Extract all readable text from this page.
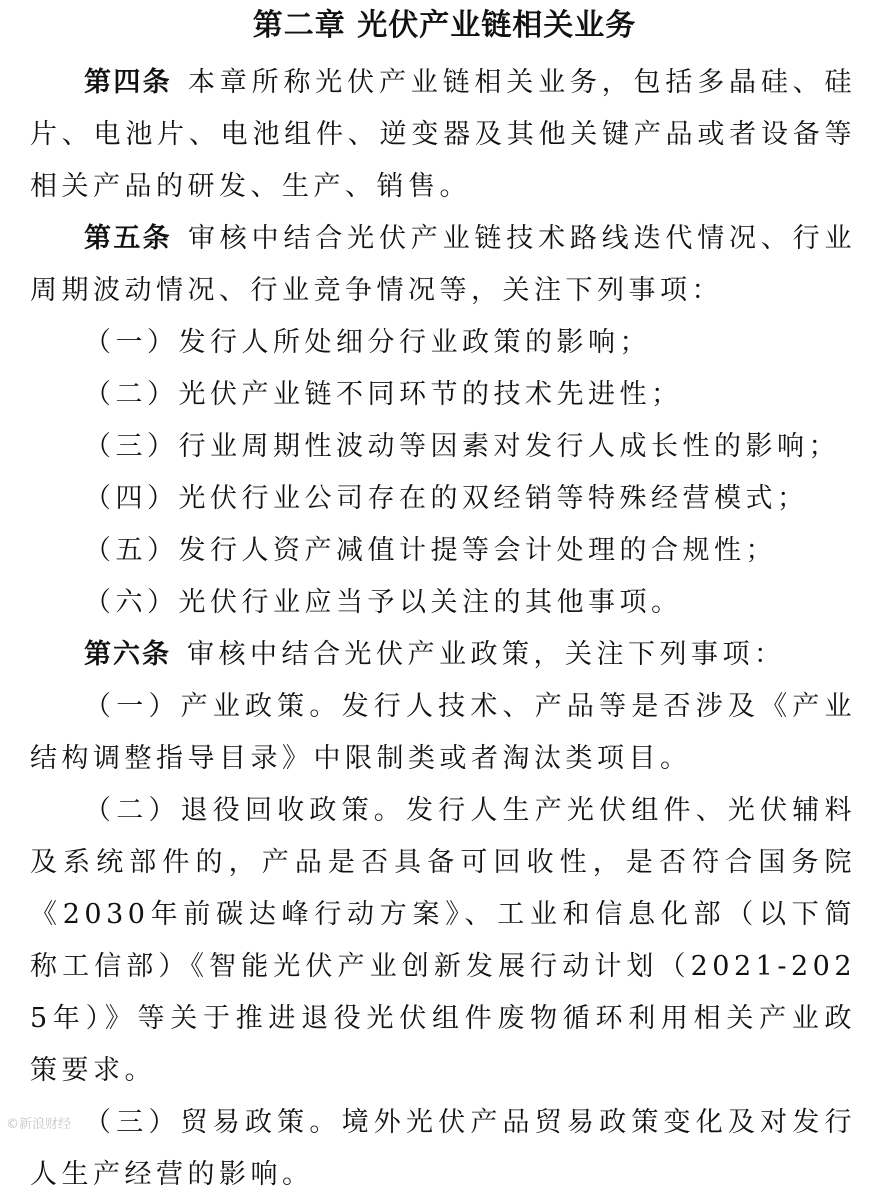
第二章 光伏产业链相关业务

第四条 本章所称光伏产业链相关业务，包括多晶硅、硅片、电池片、电池组件、逆变器及其他关键产品或者设备等相关产品的研发、生产、销售。

第五条 审核中结合光伏产业链技术路线迭代情况、行业周期波动情况、行业竞争情况等，关注下列事项：

（一）发行人所处细分行业政策的影响；

（二）光伏产业链不同环节的技术先进性；

（三）行业周期性波动等因素对发行人成长性的影响；

（四）光伏行业公司存在的双经销等特殊经营模式；

（五）发行人资产减值计提等会计处理的合规性；

（六）光伏行业应当予以关注的其他事项。

第六条 审核中结合光伏产业政策，关注下列事项：

（一）产业政策。发行人技术、产品等是否涉及《产业结构调整指导目录》中限制类或者淘汰类项目。

（二）退役回收政策。发行人生产光伏组件、光伏辅料及系统部件的，产品是否具备可回收性，是否符合国务院《2030年前碳达峰行动方案》、工业和信息化部（以下简称工信部）《智能光伏产业创新发展行动计划（2021-2025年）》等关于推进退役光伏组件废物循环利用相关产业政策要求。

（三）贸易政策。境外光伏产品贸易政策变化及对发行人生产经营的影响。

©新浪财经
